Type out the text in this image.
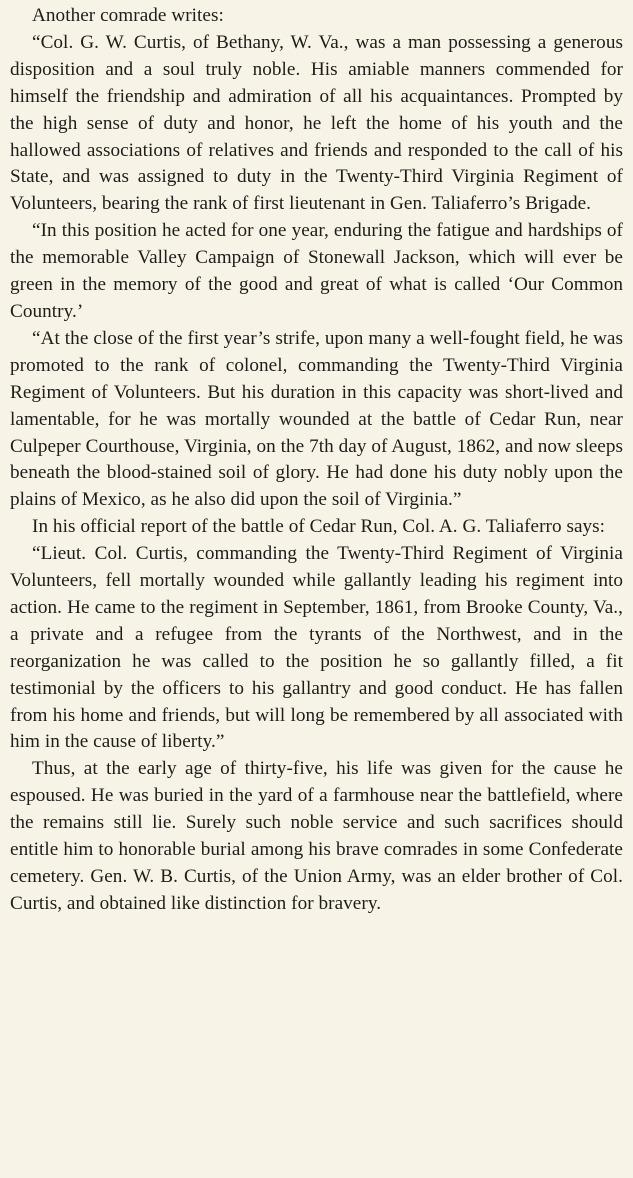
Another comrade writes:

“Col. G. W. Curtis, of Bethany, W. Va., was a man possessing a generous disposition and a soul truly noble. His amiable manners commended for himself the friendship and admiration of all his acquaintances. Prompted by the high sense of duty and honor, he left the home of his youth and the hallowed associations of relatives and friends and responded to the call of his State, and was assigned to duty in the Twenty-Third Virginia Regiment of Volunteers, bearing the rank of first lieutenant in Gen. Taliaferro’s Brigade.

“In this position he acted for one year, enduring the fatigue and hardships of the memorable Valley Campaign of Stonewall Jackson, which will ever be green in the memory of the good and great of what is called ‘Our Common Country.’

“At the close of the first year’s strife, upon many a well-fought field, he was promoted to the rank of colonel, commanding the Twenty-Third Virginia Regiment of Volunteers. But his duration in this capacity was short-lived and lamentable, for he was mortally wounded at the battle of Cedar Run, near Culpeper Courthouse, Virginia, on the 7th day of August, 1862, and now sleeps beneath the blood-stained soil of glory. He had done his duty nobly upon the plains of Mexico, as he also did upon the soil of Virginia.”

In his official report of the battle of Cedar Run, Col. A. G. Taliaferro says:

“Lieut. Col. Curtis, commanding the Twenty-Third Regiment of Virginia Volunteers, fell mortally wounded while gallantly leading his regiment into action. He came to the regiment in September, 1861, from Brooke County, Va., a private and a refugee from the tyrants of the Northwest, and in the reorganization he was called to the position he so gallantly filled, a fit testimonial by the officers to his gallantry and good conduct. He has fallen from his home and friends, but will long be remembered by all associated with him in the cause of liberty.”

Thus, at the early age of thirty-five, his life was given for the cause he espoused. He was buried in the yard of a farmhouse near the battlefield, where the remains still lie. Surely such noble service and such sacrifices should entitle him to honorable burial among his brave comrades in some Confederate cemetery. Gen. W. B. Curtis, of the Union Army, was an elder brother of Col. Curtis, and obtained like distinction for bravery.
